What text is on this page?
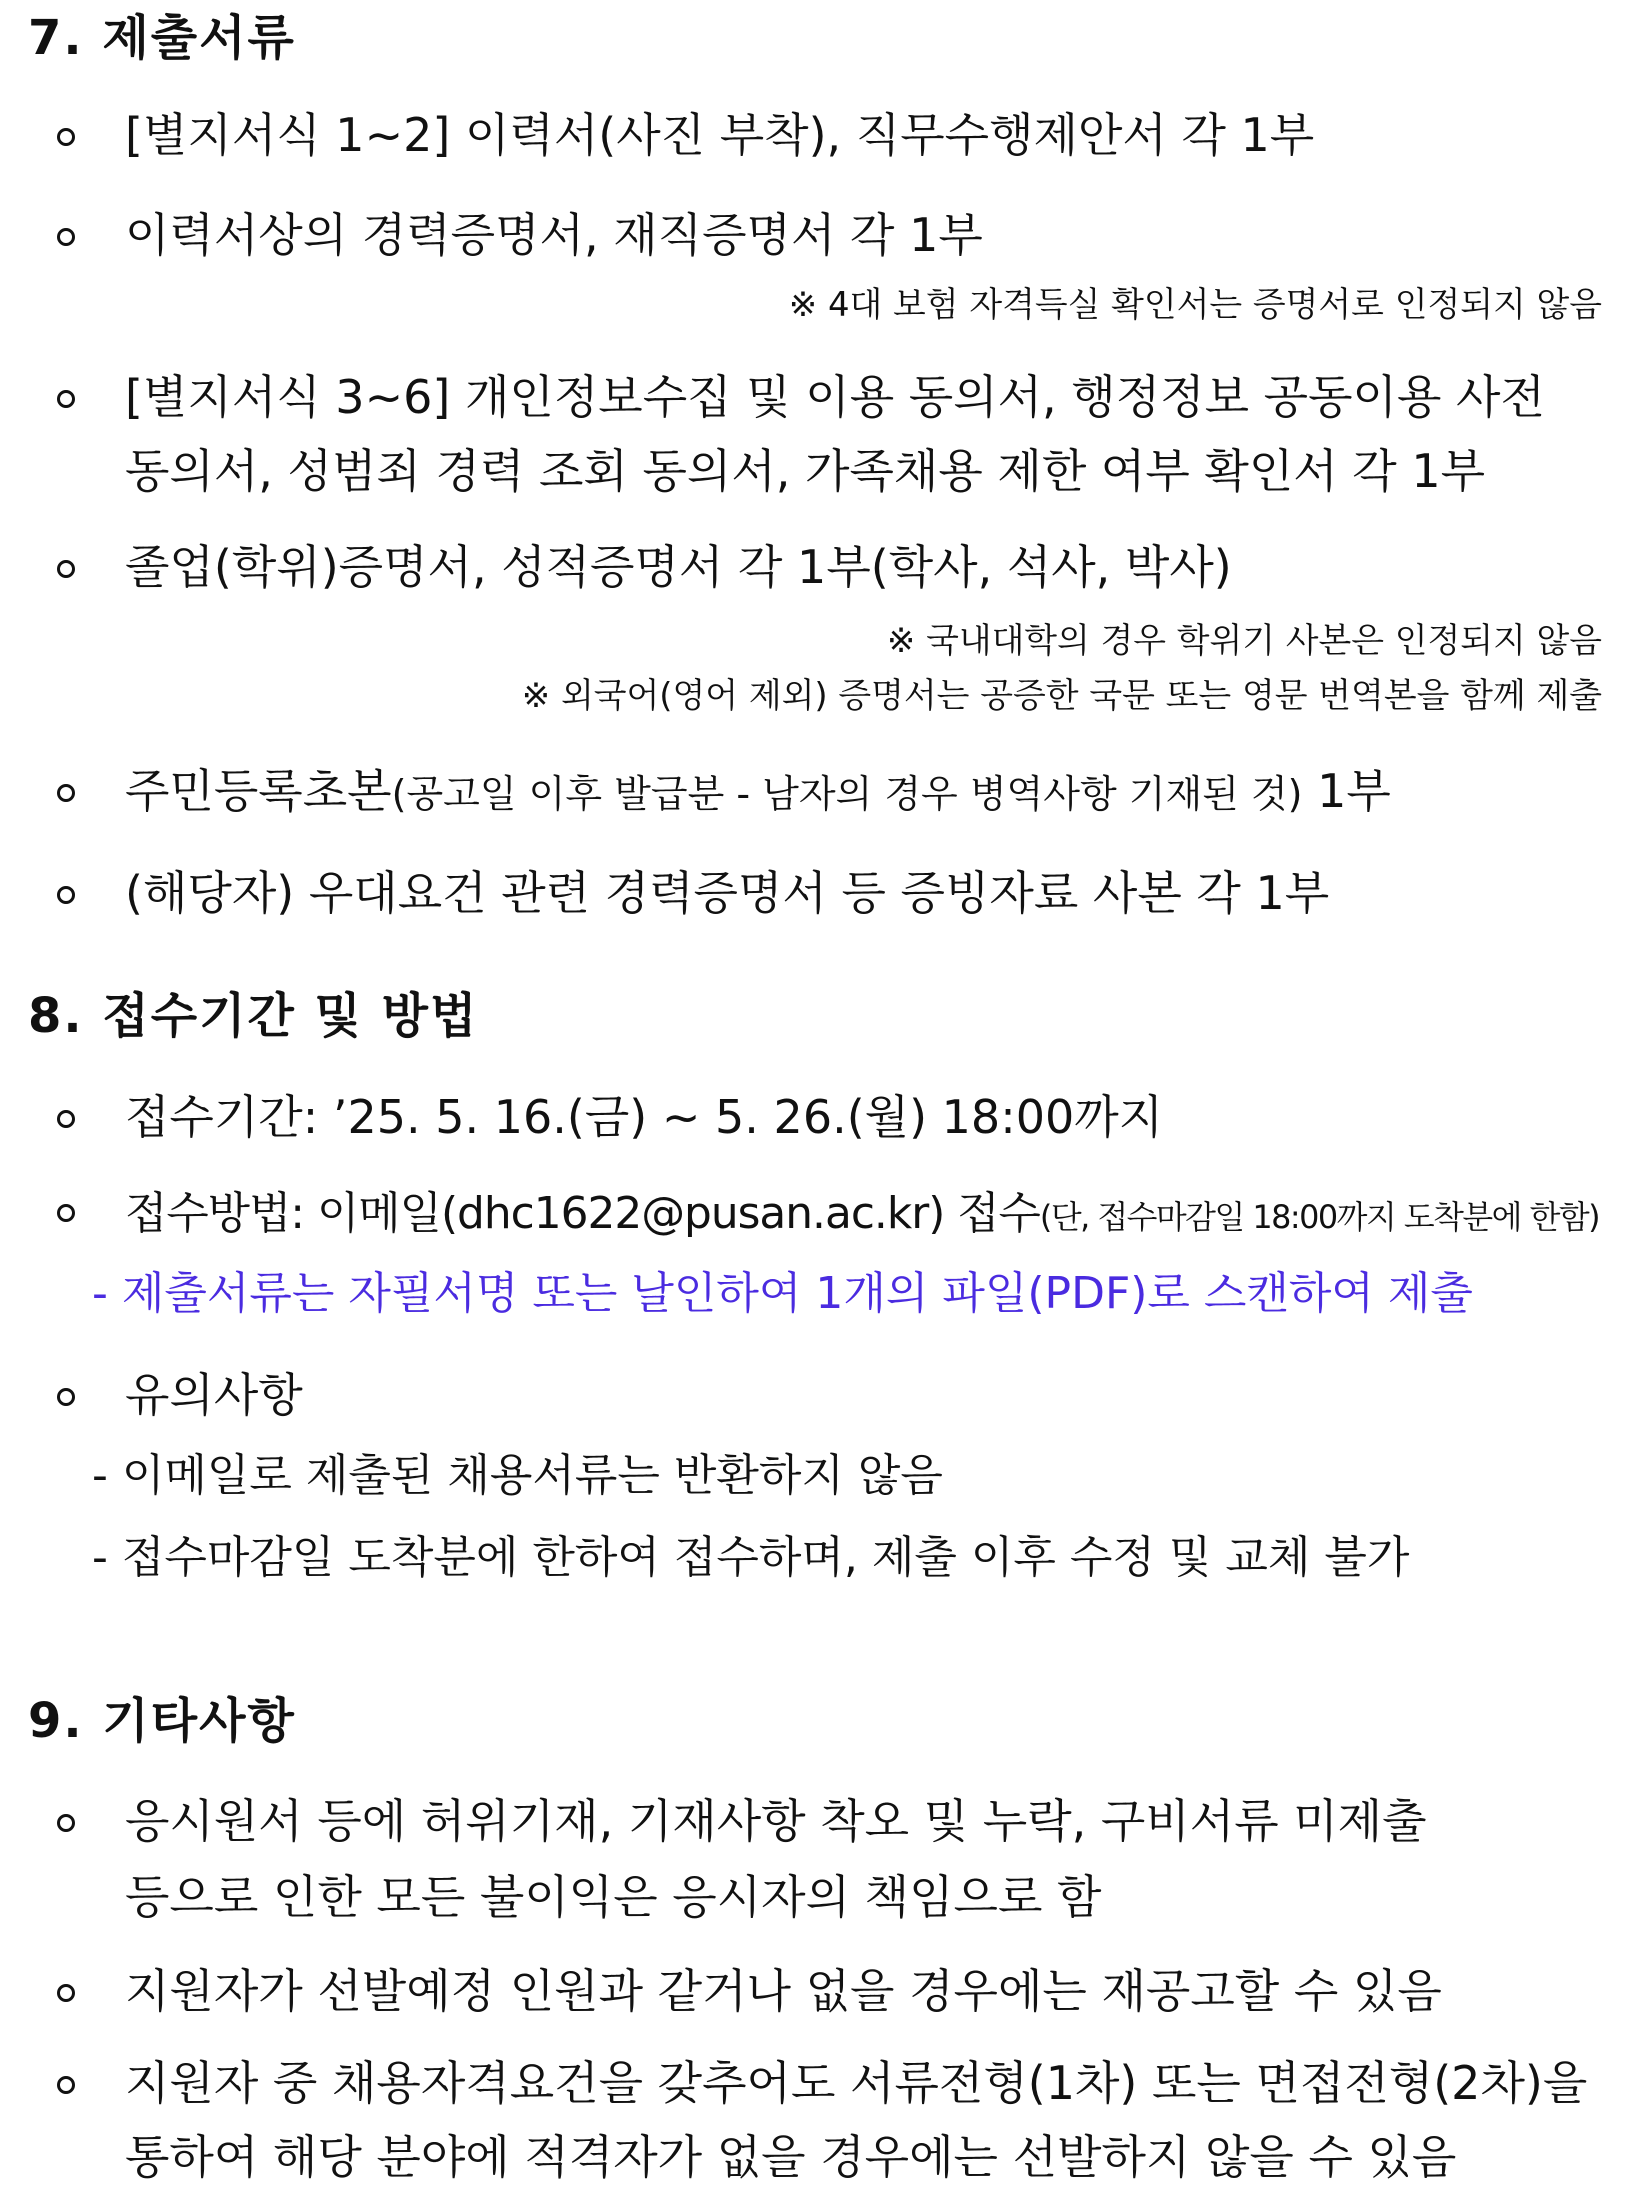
7. 제출서류
[별지서식 1~2] 이력서(사진 부착), 직무수행제안서 각 1부
이력서상의 경력증명서, 재직증명서 각 1부
※ 4대 보험 자격득실 확인서는 증명서로 인정되지 않음
[별지서식 3~6] 개인정보수집 및 이용 동의서, 행정정보 공동이용 사전
동의서, 성범죄 경력 조회 동의서, 가족채용 제한 여부 확인서 각 1부
졸업(학위)증명서, 성적증명서 각 1부(학사, 석사, 박사)
※ 국내대학의 경우 학위기 사본은 인정되지 않음
※ 외국어(영어 제외) 증명서는 공증한 국문 또는 영문 번역본을 함께 제출
주민등록초본(공고일 이후 발급분 - 남자의 경우 병역사항 기재된 것) 1부
(해당자) 우대요건 관련 경력증명서 등 증빙자료 사본 각 1부
8. 접수기간 및 방법
접수기간: ’25. 5. 16.(금) ~ 5. 26.(월) 18:00까지
접수방법: 이메일(dhc1622@pusan.ac.kr) 접수(단, 접수마감일 18:00까지 도착분에 한함)
- 제출서류는 자필서명 또는 날인하여 1개의 파일(PDF)로 스캔하여 제출
유의사항
- 이메일로 제출된 채용서류는 반환하지 않음
- 접수마감일 도착분에 한하여 접수하며, 제출 이후 수정 및 교체 불가
9. 기타사항
응시원서 등에 허위기재, 기재사항 착오 및 누락, 구비서류 미제출
등으로 인한 모든 불이익은 응시자의 책임으로 함
지원자가 선발예정 인원과 같거나 없을 경우에는 재공고할 수 있음
지원자 중 채용자격요건을 갖추어도 서류전형(1차) 또는 면접전형(2차)을
통하여 해당 분야에 적격자가 없을 경우에는 선발하지 않을 수 있음
